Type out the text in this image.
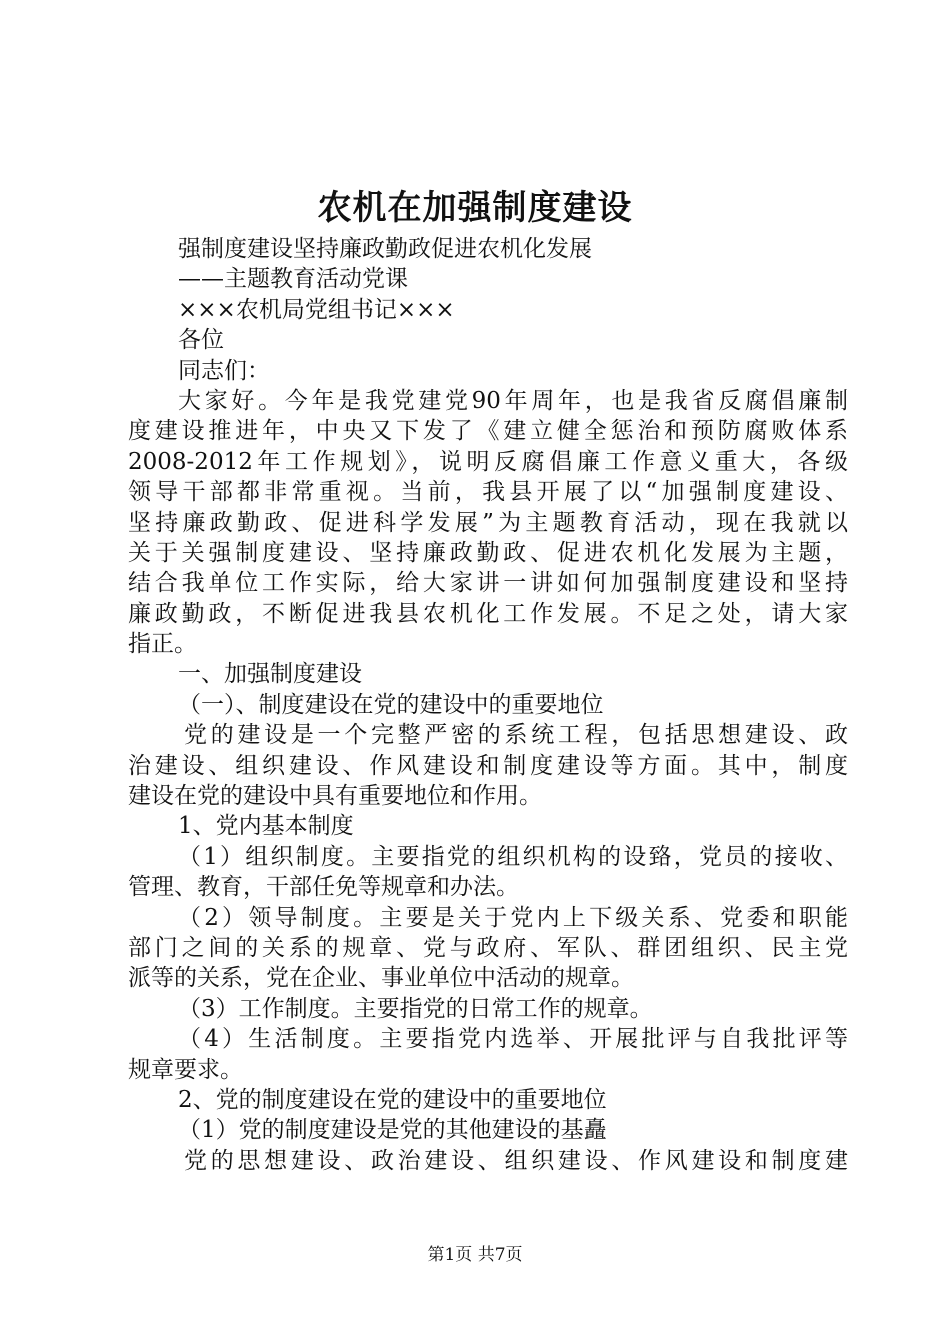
农机在加强制度建设
强制度建设坚持廉政勤政促进农机化发展
——主题教育活动党课
×××农机局党组书记×××
各位
同志们：
大家好。今年是我党建党90年周年，也是我省反腐倡廉制
度建设推进年，中央又下发了《建立健全惩治和预防腐败体系
2008-2012年工作规划》，说明反腐倡廉工作意义重大，各级
领导干部都非常重视。当前，我县开展了以“加强制度建设、
坚持廉政勤政、促进科学发展”为主题教育活动，现在我就以
关于关强制度建设、坚持廉政勤政、促进农机化发展为主题，
结合我单位工作实际，给大家讲一讲如何加强制度建设和坚持
廉政勤政，不断促进我县农机化工作发展。不足之处，请大家
指正。
一、加强制度建设
（一）、制度建设在党的建设中的重要地位
党的建设是一个完整严密的系统工程，包括思想建设、政
治建设、组织建设、作风建设和制度建设等方面。其中，制度
建设在党的建设中具有重要地位和作用。
1、党内基本制度
（1）组织制度。主要指党的组织机构的设臵，党员的接收、
管理、教育，干部任免等规章和办法。
（2）领导制度。主要是关于党内上下级关系、党委和职能
部门之间的关系的规章、党与政府、军队、群团组织、民主党
派等的关系，党在企业、事业单位中活动的规章。
（3）工作制度。主要指党的日常工作的规章。
（4）生活制度。主要指党内选举、开展批评与自我批评等
规章要求。
2、党的制度建设在党的建设中的重要地位
（1）党的制度建设是党的其他建设的基矗
党的思想建设、政治建设、组织建设、作风建设和制度建
第1页 共7页
